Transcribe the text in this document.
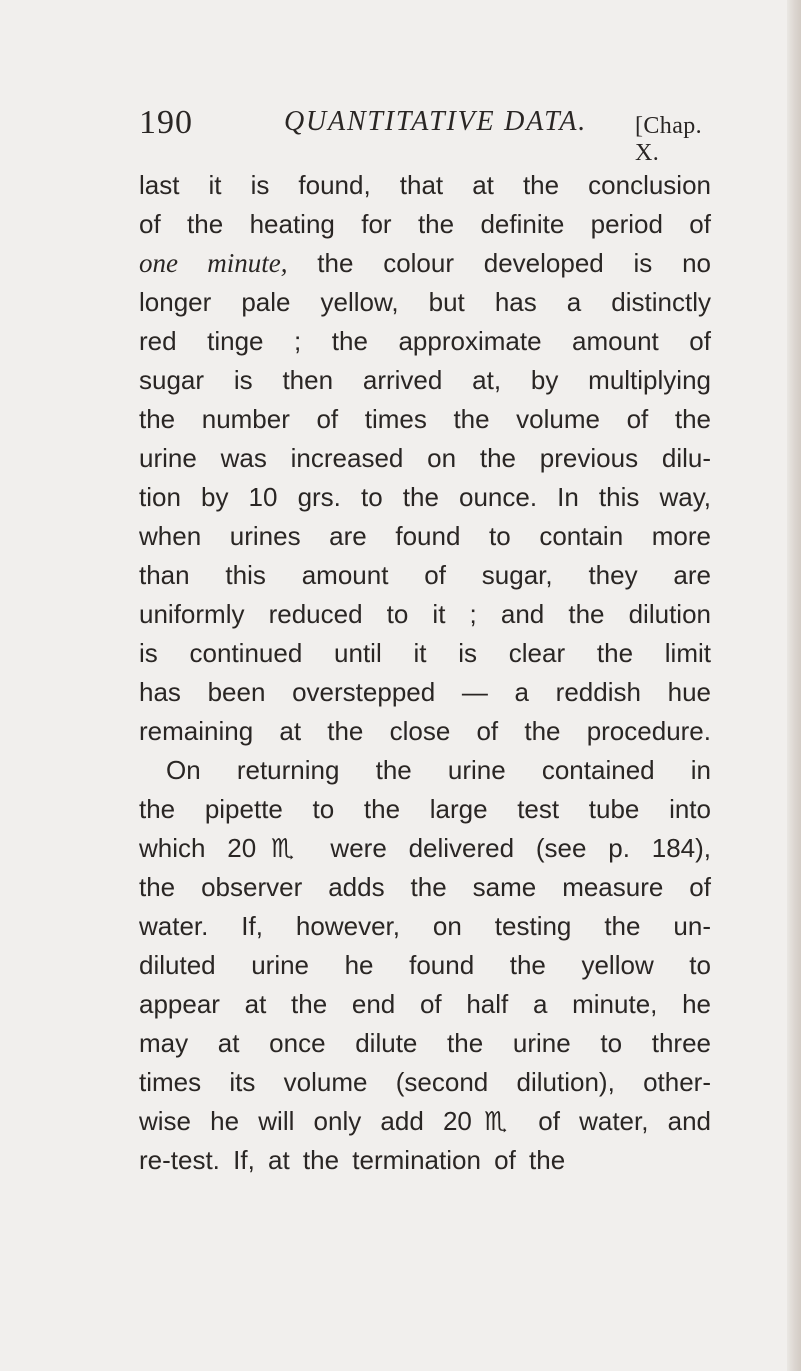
190	QUANTITATIVE DATA. [Chap. X.
last it is found, that at the conclusion
of the heating for the definite period of
one minute, the colour developed is no
longer pale yellow, but has a distinctly
red tinge ; the approximate amount of
sugar is then arrived at, by multiplying
the number of times the volume of the
urine was increased on the previous dilu-
tion by 10 grs. to the ounce. In this way,
when urines are found to contain more
than this amount of sugar, they are
uniformly reduced to it ; and the dilution
is continued until it is clear the limit
has been overstepped — a reddish hue
remaining at the close of the procedure.
On returning the urine contained in
the pipette to the large test tube into
which 20♏ were delivered (see p. 184),
the observer adds the same measure of
water. If, however, on testing the un-
diluted urine he found the yellow to
appear at the end of half a minute, he
may at once dilute the urine to three
times its volume (second dilution), other-
wise he will only add 20♏ of water, and
re-test. If, at the termination of the
